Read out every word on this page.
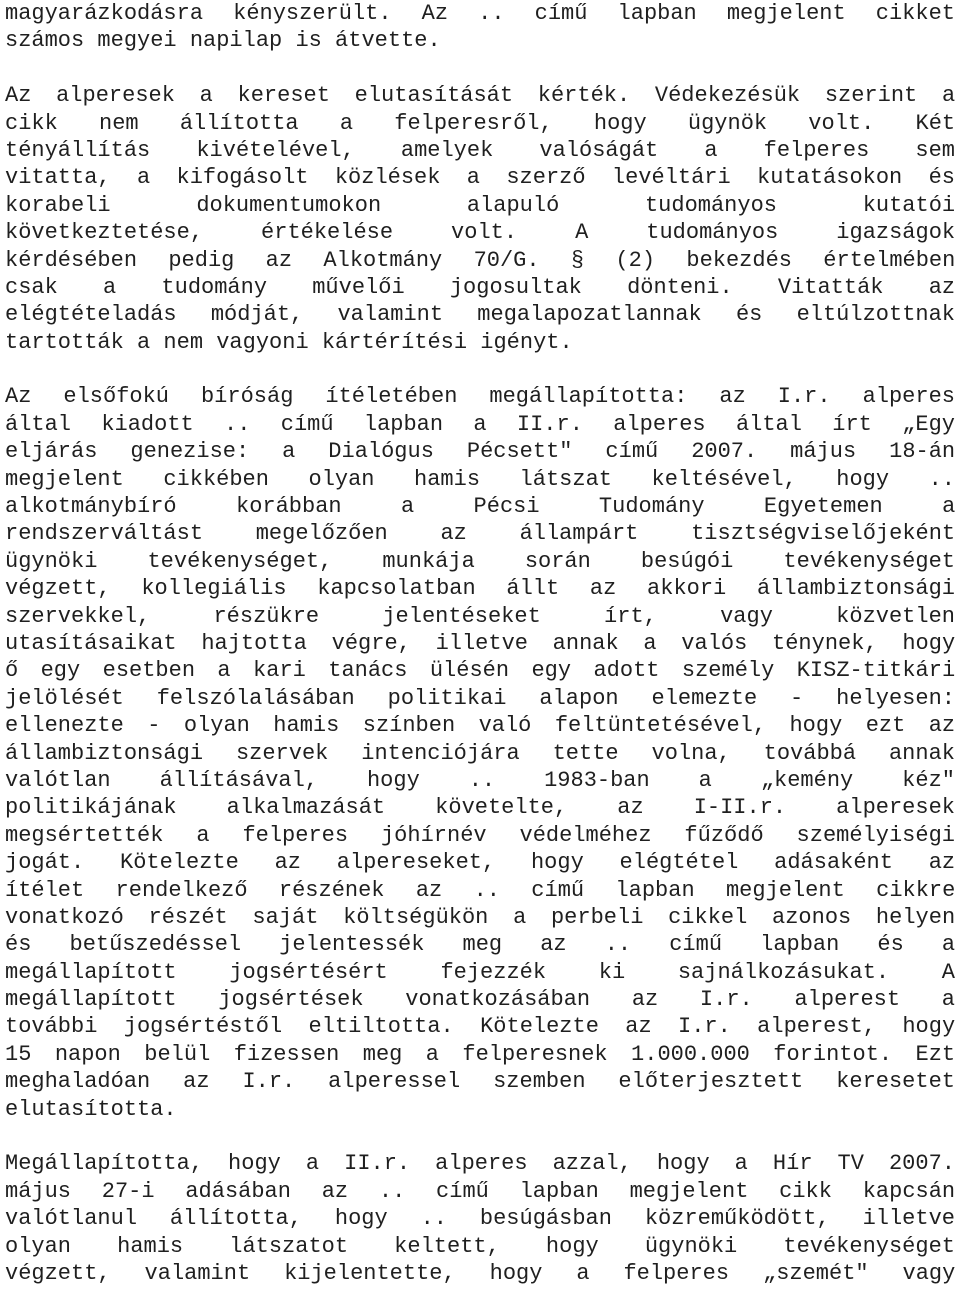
magyarázkodásra kényszerült. Az .. című lapban megjelent cikket
számos megyei napilap is átvette.
Az alperesek a kereset elutasítását kérték. Védekezésük szerint a
cikk nem állította a felperesről, hogy ügynök volt. Két
tényállítás kivételével, amelyek valóságát a felperes sem
vitatta, a kifogásolt közlések a szerző levéltári kutatásokon és
korabeli dokumentumokon alapuló tudományos kutatói
következtetése, értékelése volt. A tudományos igazságok
kérdésében pedig az Alkotmány 70/G. § (2) bekezdés értelmében
csak a tudomány művelői jogosultak dönteni. Vitatták az
elégtételadás módját, valamint megalapozatlannak és eltúlzottnak
tartották a nem vagyoni kártérítési igényt.
Az elsőfokú bíróság ítéletében megállapította: az I.r. alperes
által kiadott .. című lapban a II.r. alperes által írt „Egy
eljárás genezise: a Dialógus Pécsett" című 2007. május 18-án
megjelent cikkében olyan hamis látszat keltésével, hogy ..
alkotmánybíró korábban a Pécsi Tudomány Egyetemen a
rendszerváltást megelőzően az állampárt tisztségviselőjeként
ügynöki tevékenységet, munkája során besúgói tevékenységet
végzett, kollegiális kapcsolatban állt az akkori állambiztonsági
szervekkel, részükre jelentéseket írt, vagy közvetlen
utasításaikat hajtotta végre, illetve annak a valós ténynek, hogy
ő egy esetben a kari tanács ülésén egy adott személy KISZ-titkári
jelölését felszólalásában politikai alapon elemezte - helyesen:
ellenezte - olyan hamis színben való feltüntetésével, hogy ezt az
állambiztonsági szervek intenciójára tette volna, továbbá annak
valótlan állításával, hogy .. 1983-ban a „kemény kéz"
politikájának alkalmazását követelte, az I-II.r. alperesek
megsértették a felperes jóhírnév védelméhez fűződő személyiségi
jogát. Kötelezte az alpereseket, hogy elégtétel adásaként az
ítélet rendelkező részének az .. című lapban megjelent cikkre
vonatkozó részét saját költségükön a perbeli cikkel azonos helyen
és betűszedéssel jelentessék meg az .. című lapban és a
megállapított jogsértésért fejezzék ki sajnálkozásukat. A
megállapított jogsértések vonatkozásában az I.r. alperest a
további jogsértéstől eltiltotta. Kötelezte az I.r. alperest, hogy
15 napon belül fizessen meg a felperesnek 1.000.000 forintot. Ezt
meghaladóan az I.r. alperessel szemben előterjesztett keresetet
elutasította.
Megállapította, hogy a II.r. alperes azzal, hogy a Hír TV 2007.
május 27-i adásában az .. című lapban megjelent cikk kapcsán
valótlanul állította, hogy .. besúgásban közreműködött, illetve
olyan hamis látszatot keltett, hogy ügynöki tevékenységet
végzett, valamint kijelentette, hogy a felperes „szemét" vagy
